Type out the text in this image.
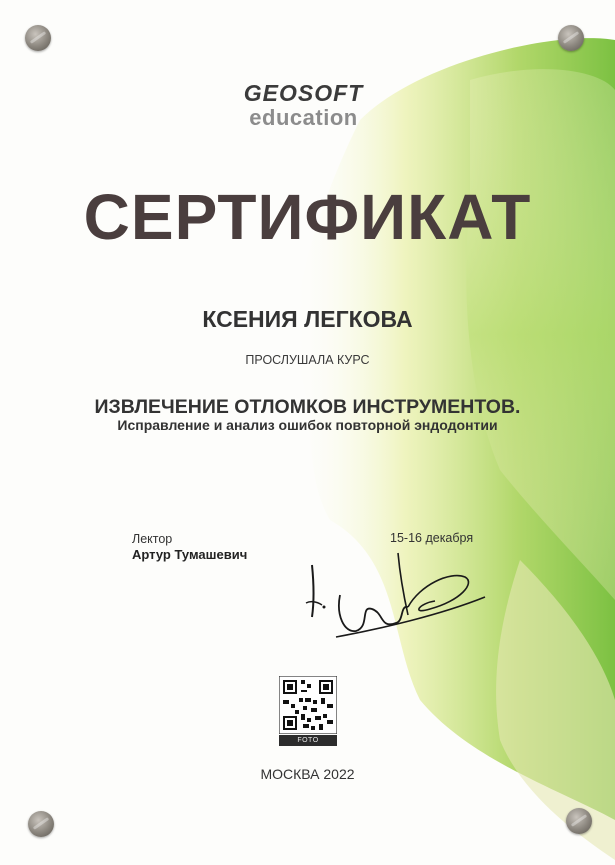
GEOSOFT
education
СЕРТИФИКАТ
КСЕНИЯ ЛЕГКОВА
ПРОСЛУШАЛА КУРС
ИЗВЛЕЧЕНИЕ ОТЛОМКОВ ИНСТРУМЕНТОВ.
Исправление и анализ ошибок повторной эндодонтии
Лектор
Артур Тумашевич
15-16 декабря
FOTO
МОСКВА 2022
